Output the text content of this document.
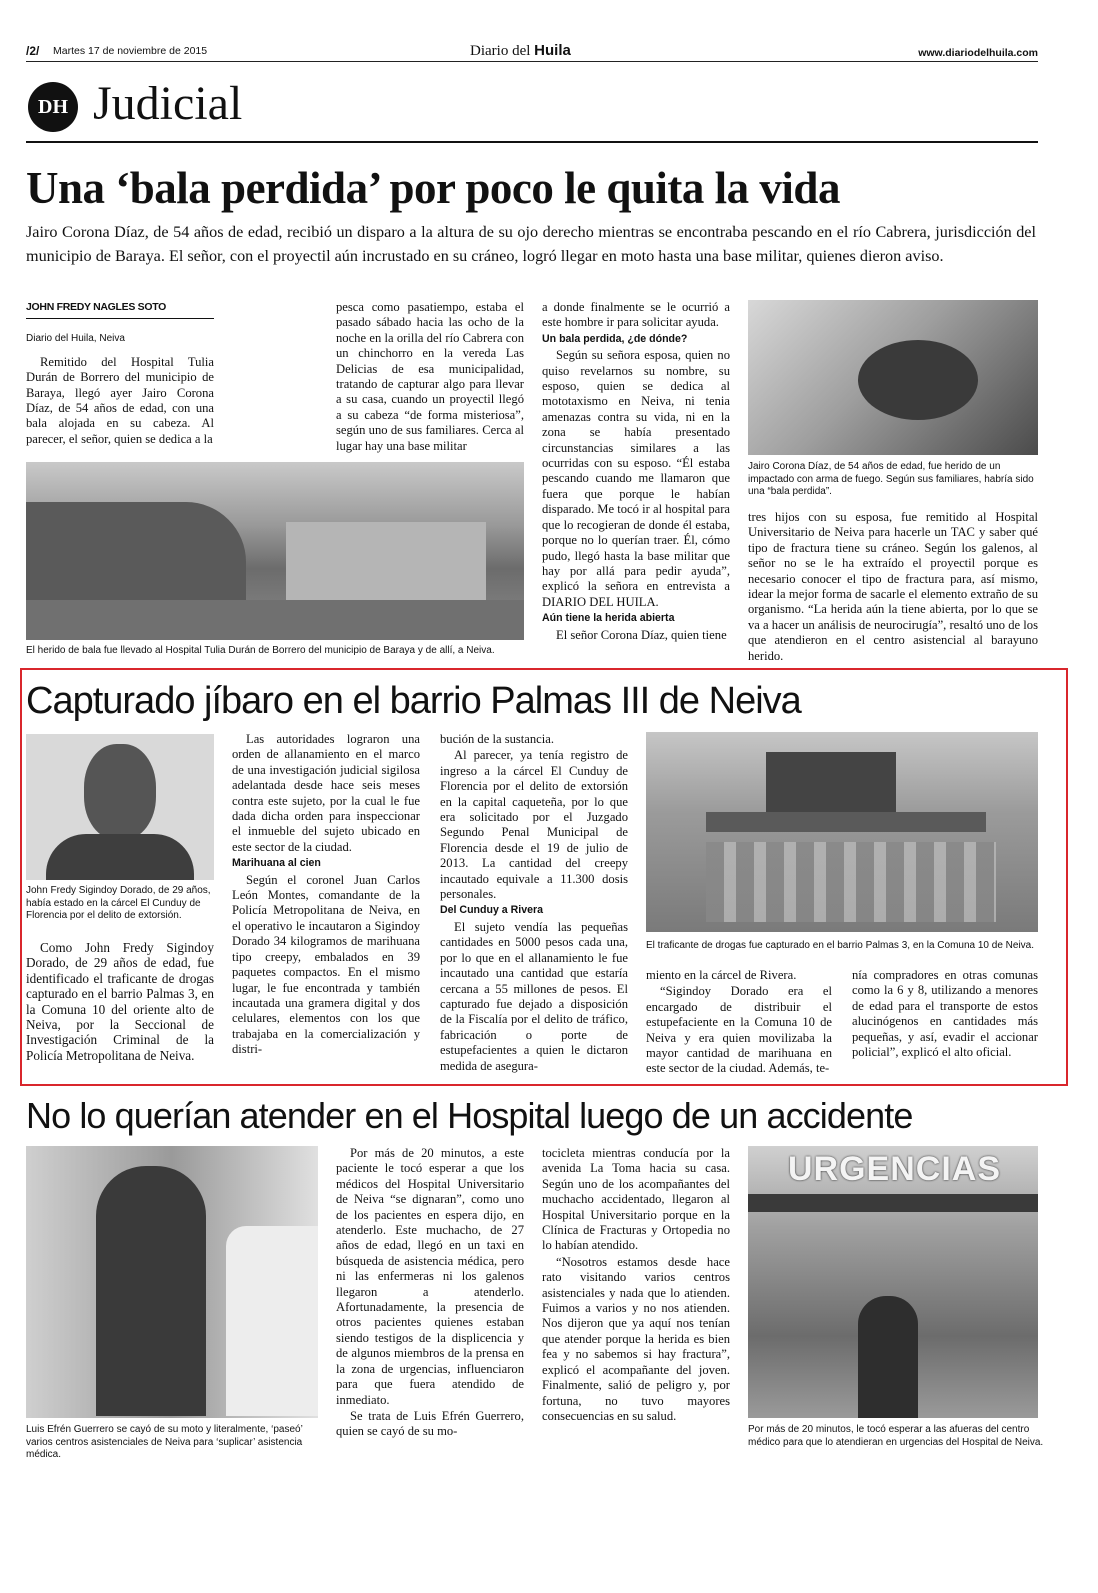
/2/ Martes 17 de noviembre de 2015	Diario del Huila	www.diariodelhuila.com
DH Judicial
Una ‘bala perdida’ por poco le quita la vida
Jairo Corona Díaz, de 54 años de edad, recibió un disparo a la altura de su ojo derecho mientras se encontraba pescando en el río Cabrera, jurisdicción del municipio de Baraya. El señor, con el proyectil aún incrustado en su cráneo, logró llegar en moto hasta una base militar, quienes dieron aviso.
JOHN FREDY NAGLES SOTO
Diario del Huila, Neiva

Remitido del Hospital Tulia Durán de Borrero del municipio de Baraya, llegó ayer Jairo Corona Díaz, de 54 años de edad, con una bala alojada en su cabeza. Al parecer, el señor, quien se dedica a la

pesca como pasatiempo, estaba el pasado sábado hacia las ocho de la noche en la orilla del río Cabrera con un chinchorro en la vereda Las Delicias de esa municipalidad, tratando de capturar algo para llevar a su casa, cuando un proyectil llegó a su cabeza “de forma misteriosa”, según uno de sus familiares. Cerca al lugar hay una base militar

El herido de bala fue llevado al Hospital Tulia Durán de Borrero del municipio de Baraya y de allí, a Neiva.

a donde finalmente se le ocurrió a este hombre ir para solicitar ayuda.

Un bala perdida, ¿de dónde?

Según su señora esposa, quien no quiso revelarnos su nombre, su esposo, quien se dedica al mototaxismo en Neiva, ni tenia amenazas contra su vida, ni en la zona se había presentado circunstancias similares a las ocurridas con su esposo. “Él estaba pescando cuando me llamaron que fuera que porque le habían disparado. Me tocó ir al hospital para que lo recogieran de donde él estaba, porque no lo querían traer. Él, cómo pudo, llegó hasta la base militar que hay por allá para pedir ayuda”, explicó la señora en entrevista a DIARIO DEL HUILA.

Aún tiene la herida abierta

El señor Corona Díaz, quien tiene

Jairo Corona Díaz, de 54 años de edad, fue herido de un impactado con arma de fuego. Según sus familiares, habría sido una “bala perdida”.

tres hijos con su esposa, fue remitido al Hospital Universitario de Neiva para hacerle un TAC y saber qué tipo de fractura tiene su cráneo. Según los galenos, al señor no se le ha extraído el proyectil porque es necesario conocer el tipo de fractura para, así mismo, idear la mejor forma de sacarle el elemento extraño de su organismo. “La herida aún la tiene abierta, por lo que se va a hacer un análisis de neurocirugía”, resaltó uno de los que atendieron en el centro asistencial al barayuno herido.

Capturado jíbaro en el barrio Palmas III de Neiva
John Fredy Sigindoy Dorado, de 29 años, había estado en la cárcel El Cunduy de Florencia por el delito de extorsión.

Como John Fredy Sigindoy Dorado, de 29 años de edad, fue identificado el traficante de drogas capturado en el barrio Palmas 3, en la Comuna 10 del oriente alto de Neiva, por la Seccional de Investigación Criminal de la Policía Metropolitana de Neiva.

Las autoridades lograron una orden de allanamiento en el marco de una investigación judicial sigilosa adelantada desde hace seis meses contra este sujeto, por la cual le fue dada dicha orden para inspeccionar el inmueble del sujeto ubicado en este sector de la ciudad.

Marihuana al cien

Según el coronel Juan Carlos León Montes, comandante de la Policía Metropolitana de Neiva, en el operativo le incautaron a Sigindoy Dorado 34 kilogramos de marihuana tipo creepy, embalados en 39 paquetes compactos. En el mismo lugar, le fue encontrada y también incautada una gramera digital y dos celulares, elementos con los que trabajaba en la comercialización y distri-

bución de la sustancia.

Al parecer, ya tenía registro de ingreso a la cárcel El Cunduy de Florencia por el delito de extorsión en la capital caqueteña, por lo que era solicitado por el Juzgado Segundo Penal Municipal de Florencia desde el 19 de julio de 2013. La cantidad del creepy incautado equivale a 11.300 dosis personales.

Del Cunduy a Rivera

El sujeto vendía las pequeñas cantidades en 5000 pesos cada una, por lo que en el allanamiento le fue incautado una cantidad que estaría cercana a 55 millones de pesos. El capturado fue dejado a disposición de la Fiscalía por el delito de tráfico, fabricación o porte de estupefacientes a quien le dictaron medida de asegura-

El traficante de drogas fue capturado en el barrio Palmas 3, en la Comuna 10 de Neiva.

miento en la cárcel de Rivera.

“Sigindoy Dorado era el encargado de distribuir el estupefaciente en la Comuna 10 de Neiva y era quien movilizaba la mayor cantidad de marihuana en este sector de la ciudad. Además, te-

nía compradores en otras comunas como la 6 y 8, utilizando a menores de edad para el transporte de estos alucinógenos en cantidades más pequeñas, y así, evadir el accionar policial”, explicó el alto oficial.

No lo querían atender en el Hospital luego de un accidente
Luis Efrén Guerrero se cayó de su moto y literalmente, ‘paseó’ varios centros asistenciales de Neiva para ‘suplicar’ asistencia médica.

Por más de 20 minutos, a este paciente le tocó esperar a que los médicos del Hospital Universitario de Neiva “se dignaran”, como uno de los pacientes en espera dijo, en atenderlo. Este muchacho, de 27 años de edad, llegó en un taxi en búsqueda de asistencia médica, pero ni las enfermeras ni los galenos llegaron a atenderlo. Afortunadamente, la presencia de otros pacientes quienes estaban siendo testigos de la displicencia y de algunos miembros de la prensa en la zona de urgencias, influenciaron para que fuera atendido de inmediato.

Se trata de Luis Efrén Guerrero, quien se cayó de su mo-

tocicleta mientras conducía por la avenida La Toma hacia su casa. Según uno de los acompañantes del muchacho accidentado, llegaron al Hospital Universitario porque en la Clínica de Fracturas y Ortopedia no lo habían atendido.

“Nosotros estamos desde hace rato visitando varios centros asistenciales y nada que lo atienden. Fuimos a varios y no nos atienden. Nos dijeron que ya aquí nos tenían que atender porque la herida es bien fea y no sabemos si hay fractura”, explicó el acompañante del joven. Finalmente, salió de peligro y, por fortuna, no tuvo mayores consecuencias en su salud.

URGENCIAS
Por más de 20 minutos, le tocó esperar a las afueras del centro médico para que lo atendieran en urgencias del Hospital de Neiva.
